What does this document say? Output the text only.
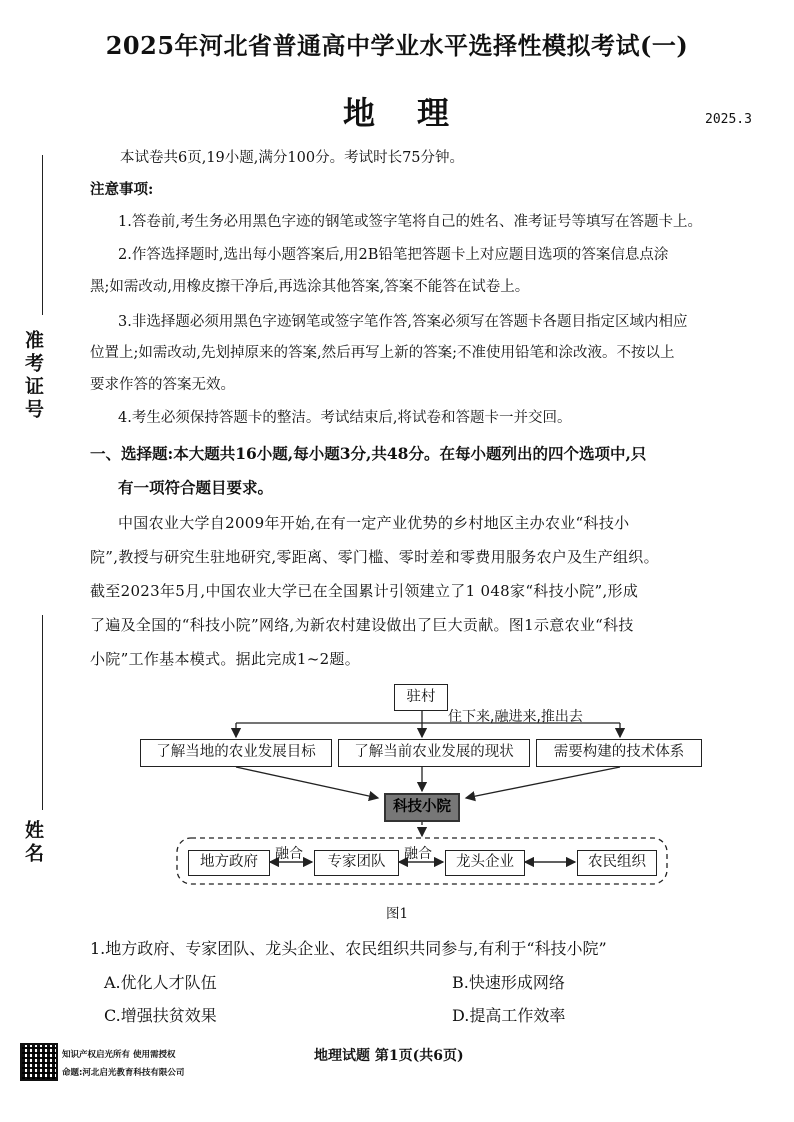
2025年河北省普通高中学业水平选择性模拟考试(一)
地 理	2025.3
准考证号
姓名
本试卷共6页,19小题,满分100分。考试时长75分钟。
注意事项:
1.答卷前,考生务必用黑色字迹的钢笔或签字笔将自己的姓名、准考证号等填写在答题卡上。
2.作答选择题时,选出每小题答案后,用2B铅笔把答题卡上对应题目选项的答案信息点涂
黑;如需改动,用橡皮擦干净后,再选涂其他答案,答案不能答在试卷上。
3.非选择题必须用黑色字迹钢笔或签字笔作答,答案必须写在答题卡各题目指定区域内相应
位置上;如需改动,先划掉原来的答案,然后再写上新的答案;不准使用铅笔和涂改液。不按以上
要求作答的答案无效。
4.考生必须保持答题卡的整洁。考试结束后,将试卷和答题卡一并交回。
一、选择题:本大题共16小题,每小题3分,共48分。在每小题列出的四个选项中,只
有一项符合题目要求。
中国农业大学自2009年开始,在有一定产业优势的乡村地区主办农业“科技小
院”,教授与研究生驻地研究,零距离、零门槛、零时差和零费用服务农户及生产组织。
截至2023年5月,中国农业大学已在全国累计引领建立了1 048家“科技小院”,形成
了遍及全国的“科技小院”网络,为新农村建设做出了巨大贡献。图1示意农业“科技
小院”工作基本模式。据此完成1~2题。
驻村
住下来,融进来,推出去
了解当地的农业发展目标	了解当前农业发展的现状	需要构建的技术体系
科技小院
地方政府	专家团队	龙头企业	农民组织
融合	融合
图1
1.地方政府、专家团队、龙头企业、农民组织共同参与,有利于“科技小院”
A.优化人才队伍	B.快速形成网络
C.增强扶贫效果	D.提高工作效率
知识产权启光所有 使用需授权
命题:河北启光教育科技有限公司
地理试题 第1页(共6页)
